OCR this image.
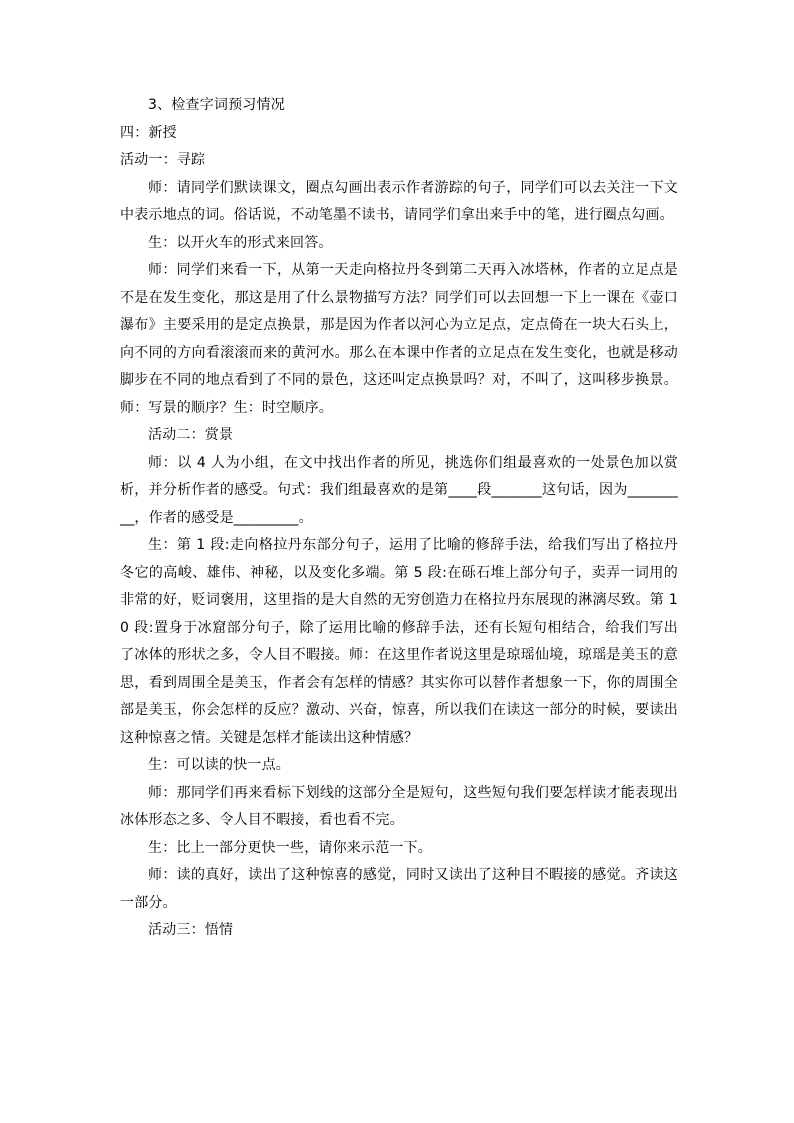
3、检查字词预习情况

四：新授

活动一：寻踪

师：请同学们默读课文，圈点勾画出表示作者游踪的句子，同学们可以去关注一下文中表示地点的词。俗话说，不动笔墨不读书，请同学们拿出来手中的笔，进行圈点勾画。

生：以开火车的形式来回答。

师：同学们来看一下，从第一天走向格拉丹冬到第二天再入冰塔林，作者的立足点是不是在发生变化，那这是用了什么景物描写方法？同学们可以去回想一下上一课在《壶口瀑布》主要采用的是定点换景，那是因为作者以河心为立足点，定点倚在一块大石头上，向不同的方向看滚滚而来的黄河水。那么在本课中作者的立足点在发生变化，也就是移动脚步在不同的地点看到了不同的景色，这还叫定点换景吗？对，不叫了，这叫移步换景。师：写景的顺序？生：时空顺序。

活动二：赏景

师：以 4 人为小组，在文中找出作者的所见，挑选你们组最喜欢的一处景色加以赏析，并分析作者的感受。句式：我们组最喜欢的是第____段_______这句话，因为_________，作者的感受是_________。

生：第 1 段:走向格拉丹东部分句子，运用了比喻的修辞手法，给我们写出了格拉丹冬它的高峻、雄伟、神秘，以及变化多端。第 5 段:在砾石堆上部分句子，卖弄一词用的非常的好，贬词褒用，这里指的是大自然的无穷创造力在格拉丹东展现的淋漓尽致。第 10 段:置身于冰窟部分句子，除了运用比喻的修辞手法，还有长短句相结合，给我们写出了冰体的形状之多，令人目不暇接。师：在这里作者说这里是琼瑶仙境，琼瑶是美玉的意思，看到周围全是美玉，作者会有怎样的情感？其实你可以替作者想象一下，你的周围全部是美玉，你会怎样的反应？激动、兴奋，惊喜，所以我们在读这一部分的时候，要读出这种惊喜之情。关键是怎样才能读出这种情感？

生：可以读的快一点。

师：那同学们再来看标下划线的这部分全是短句，这些短句我们要怎样读才能表现出冰体形态之多、令人目不暇接，看也看不完。

生：比上一部分更快一些，请你来示范一下。

师：读的真好，读出了这种惊喜的感觉，同时又读出了这种目不暇接的感觉。齐读这一部分。

活动三：悟情
